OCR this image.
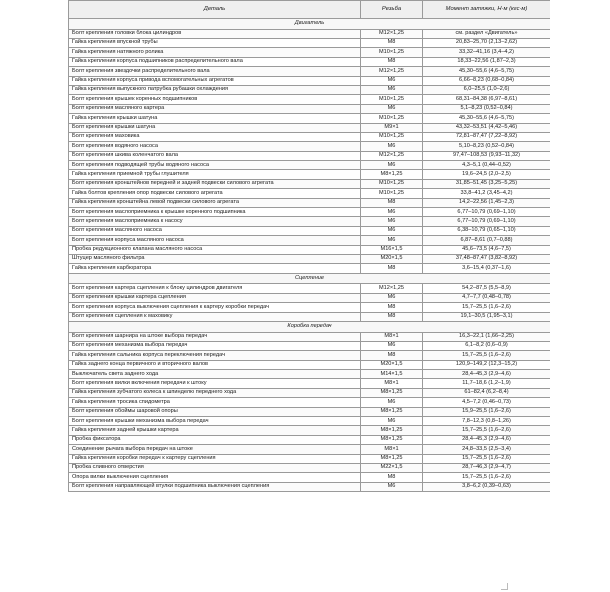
Деталь	Резьба	Момент затяжки, Н·м (кгс·м)
Двигатель		
Болт крепления головки блока цилиндров	М12×1,25	см. раздел «Двигатель»
Гайка крепления впускной трубы	М8	20,83–25,70 (2,13–2,62)
Гайка крепления натяжного ролика	М10×1,25	33,32–41,16 (3,4–4,2)
Гайка крепления корпуса подшипников распределительного вала	М8	18,33–22,56 (1,87–2,3)
Болт крепления звездочки распределительного вала	М12×1,25	45,30–55,6 (4,6–5,75)
Гайка крепления корпуса привода вспомогательных агрегатов	М6	6,66–8,23 (0,68–0,84)
Гайка крепления выпускного патрубка рубашки охлаждения	М6	6,0–25,5 (1,0–2,6)
Болт крепления крышек коренных подшипников	М10×1,25	68,31–84,38 (6,97–8,61)
Болт крепления масляного картера	М6	5,1–8,23 (0,52–0,84)
Гайка крепления крышки шатуна	М10×1,25	45,30–55,6 (4,6–5,75)
Болт крепления крышки шатуна	М9×1	43,32–53,51 (4,42–5,46)
Болт крепления маховика	М10×1,25	72,81–87,47 (7,22–8,92)
Болт крепления водяного насоса	М6	5,10–8,23 (0,52–0,84)
Болт крепления шкива коленчатого вала	М12×1,25	97,47–108,53 (9,93–11,32)
Болт крепления подводящей трубы водяного насоса	М6	4,3–5,1 (0,44–0,52)
Гайка крепления приемной трубы глушителя	М8×1,25	19,6–24,5 (2,0–2,5)
Болт крепления кронштейнов передней и задней подвески силового агрегата	М10×1,25	31,85–51,45 (3,25–5,25)
Гайка болтов крепления опор подвески силового агрегата	М10×1,25	33,8–41,2 (3,45–4,2)
Гайка крепления кронштейна левой подвески силового агрегата	М8	14,2–22,56 (1,45–2,3)
Болт крепления маслоприемника к крышке коренного подшипника	М6	6,77–10,79 (0,69–1,10)
Болт крепления маслоприемника к насосу	М6	6,77–10,79 (0,69–1,10)
Болт крепления масляного насоса	М6	6,38–10,79 (0,65–1,10)
Болт крепления корпуса масляного насоса	М6	6,87–8,61 (0,7–0,88)
Пробка редукционного клапана масляного насоса	М16×1,5	45,6–73,5 (4,6–7,5)
Штуцер масляного фильтра	М20×1,5	37,48–87,47 (3,82–8,92)
Гайка крепления карбюратора	М8	3,6–15,4 (0,37–1,6)
Сцепление		
Болт крепления картера сцепления к блоку цилиндров двигателя	М12×1,25	54,2–87,5 (5,5–8,9)
Болт крепления крышки картера сцепления	М6	4,7–7,7 (0,48–0,78)
Болт крепления корпуса выключения сцепления к картеру коробки передач	М8	15,7–25,5 (1,6–2,6)
Болт крепления сцепления к маховику	М8	19,1–30,5 (1,95–3,1)
Коробка передач		
Болт крепления шарнира на штоке выбора передач	М8×1	16,3–22,1 (1,66–2,25)
Болт крепления механизма выбора передач	М6	6,1–8,2 (0,6–0,9)
Гайка крепления сальника корпуса переключения передач	М8	15,7–25,5 (1,6–2,6)
Гайка заднего конца первичного и вторичного валов	М20×1,5	120,9–149,2 (12,3–15,2)
Выключатель света заднего хода	М14×1,5	28,4–45,3 (2,9–4,6)
Болт крепления вилки включения передачи к штоку	М8×1	11,7–18,6 (1,2–1,9)
Гайка крепления зубчатого колеса к шпинделю переднего хода	М8×1,25	61–82,4 (6,2–8,4)
Гайка крепления тросика спидометра	М6	4,5–7,2 (0,46–0,73)
Болт крепления обоймы шаровой опоры	М8×1,25	15,9–25,5 (1,6–2,6)
Болт крепления крышки механизма выбора передач	М6	7,8–12,3 (0,8–1,26)
Гайка крепления задней крышки картера	М8×1,25	15,7–25,5 (1,6–2,6)
Пробка фиксатора	М8×1,25	28,4–45,3 (2,9–4,6)
Соединение рычага выбора передач на штоке	М8×1	24,8–33,5 (2,5–3,4)
Гайка крепления коробки передач к картеру сцепления	М8×1,25	15,7–25,5 (1,6–2,6)
Пробка сливного отверстия	М22×1,5	28,7–46,3 (2,9–4,7)
Опора вилки выключения сцепления	М8	15,7–25,5 (1,6–2,6)
Болт крепления направляющей втулки подшипника выключения сцепления	М6	3,8–6,2 (0,39–0,63)
